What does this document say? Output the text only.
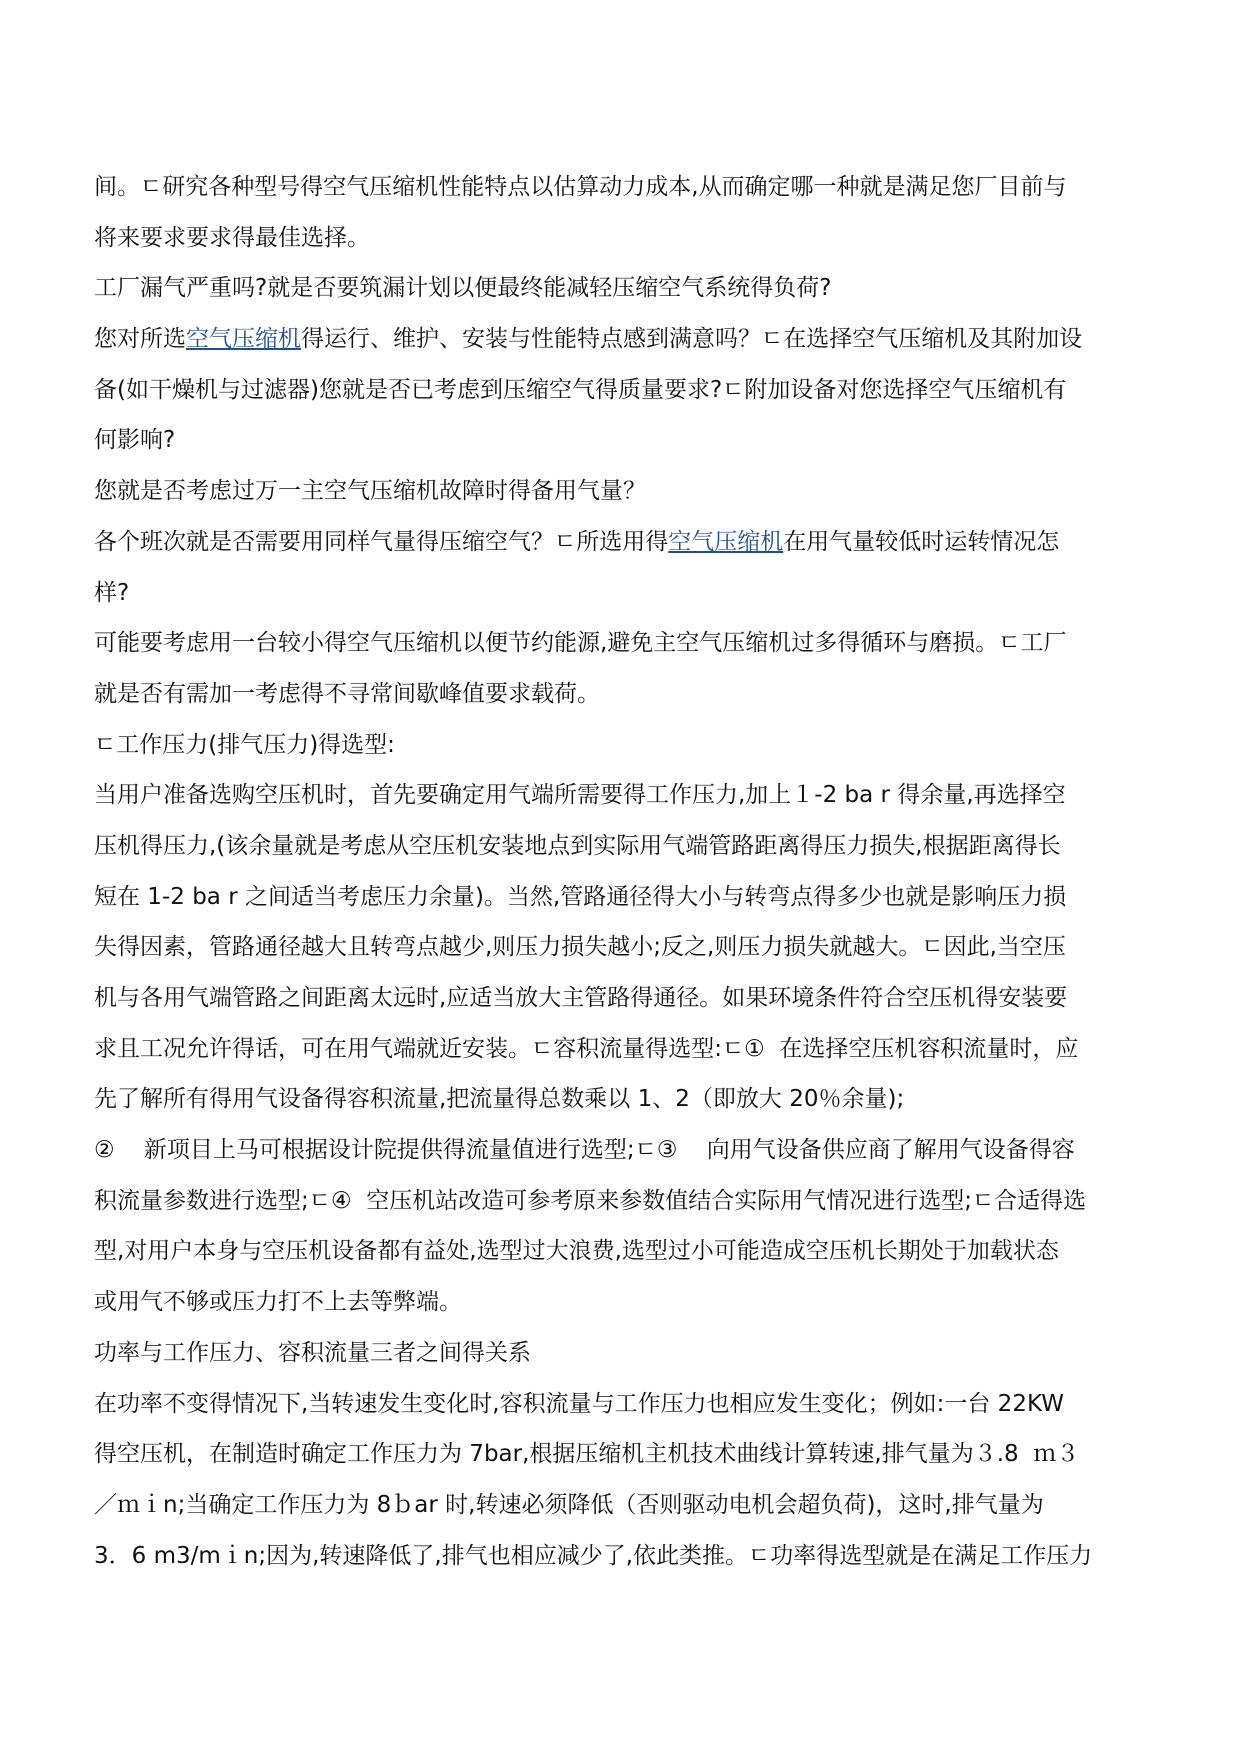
间。ﾧ研究各种型号得空气压缩机性能特点以估算动力成本,从而确定哪一种就是满足您厂目前与
将来要求要求得最佳选择。
工厂漏气严重吗?就是否要筑漏计划以便最终能减轻压缩空气系统得负荷?
您对所选空气压缩机得运行、维护、安装与性能特点感到满意吗？ﾧ在选择空气压缩机及其附加设
备(如干燥机与过滤器)您就是否已考虑到压缩空气得质量要求?ﾧ附加设备对您选择空气压缩机有
何影响?
您就是否考虑过万一主空气压缩机故障时得备用气量？
各个班次就是否需要用同样气量得压缩空气？ﾧ所选用得空气压缩机在用气量较低时运转情况怎
样?
可能要考虑用一台较小得空气压缩机以便节约能源,避免主空气压缩机过多得循环与磨损。ﾧ工厂
就是否有需加一考虑得不寻常间歇峰值要求载荷。
ﾧ工作压力(排气压力)得选型:
当用户准备选购空压机时，首先要确定用气端所需要得工作压力,加上１-2 ba r 得余量,再选择空
压机得压力,(该余量就是考虑从空压机安装地点到实际用气端管路距离得压力损失,根据距离得长
短在 1-2 ba r 之间适当考虑压力余量)。当然,管路通径得大小与转弯点得多少也就是影响压力损
失得因素，管路通径越大且转弯点越少,则压力损失越小;反之,则压力损失就越大。ﾧ因此,当空压
机与各用气端管路之间距离太远时,应适当放大主管路得通径。如果环境条件符合空压机得安装要
求且工况允许得话，可在用气端就近安装。ﾧ容积流量得选型:ﾧ①  在选择空压机容积流量时，应
先了解所有得用气设备得容积流量,把流量得总数乘以 1、2（即放大 20％余量);
②    新项目上马可根据设计院提供得流量值进行选型;ﾧ③    向用气设备供应商了解用气设备得容
积流量参数进行选型;ﾧ④  空压机站改造可参考原来参数值结合实际用气情况进行选型;ﾧ合适得选
型,对用户本身与空压机设备都有益处,选型过大浪费,选型过小可能造成空压机长期处于加载状态
或用气不够或压力打不上去等弊端。
功率与工作压力、容积流量三者之间得关系
在功率不变得情况下,当转速发生变化时,容积流量与工作压力也相应发生变化；例如:一台 22KW
得空压机，在制造时确定工作压力为 7bar,根据压缩机主机技术曲线计算转速,排气量为３.8  ｍ３
／ｍｉn;当确定工作压力为 8ｂar 时,转速必须降低（否则驱动电机会超负荷)，这时,排气量为
3．6 m3/mｉn;因为,转速降低了,排气也相应减少了,依此类推。ﾧ功率得选型就是在满足工作压力
